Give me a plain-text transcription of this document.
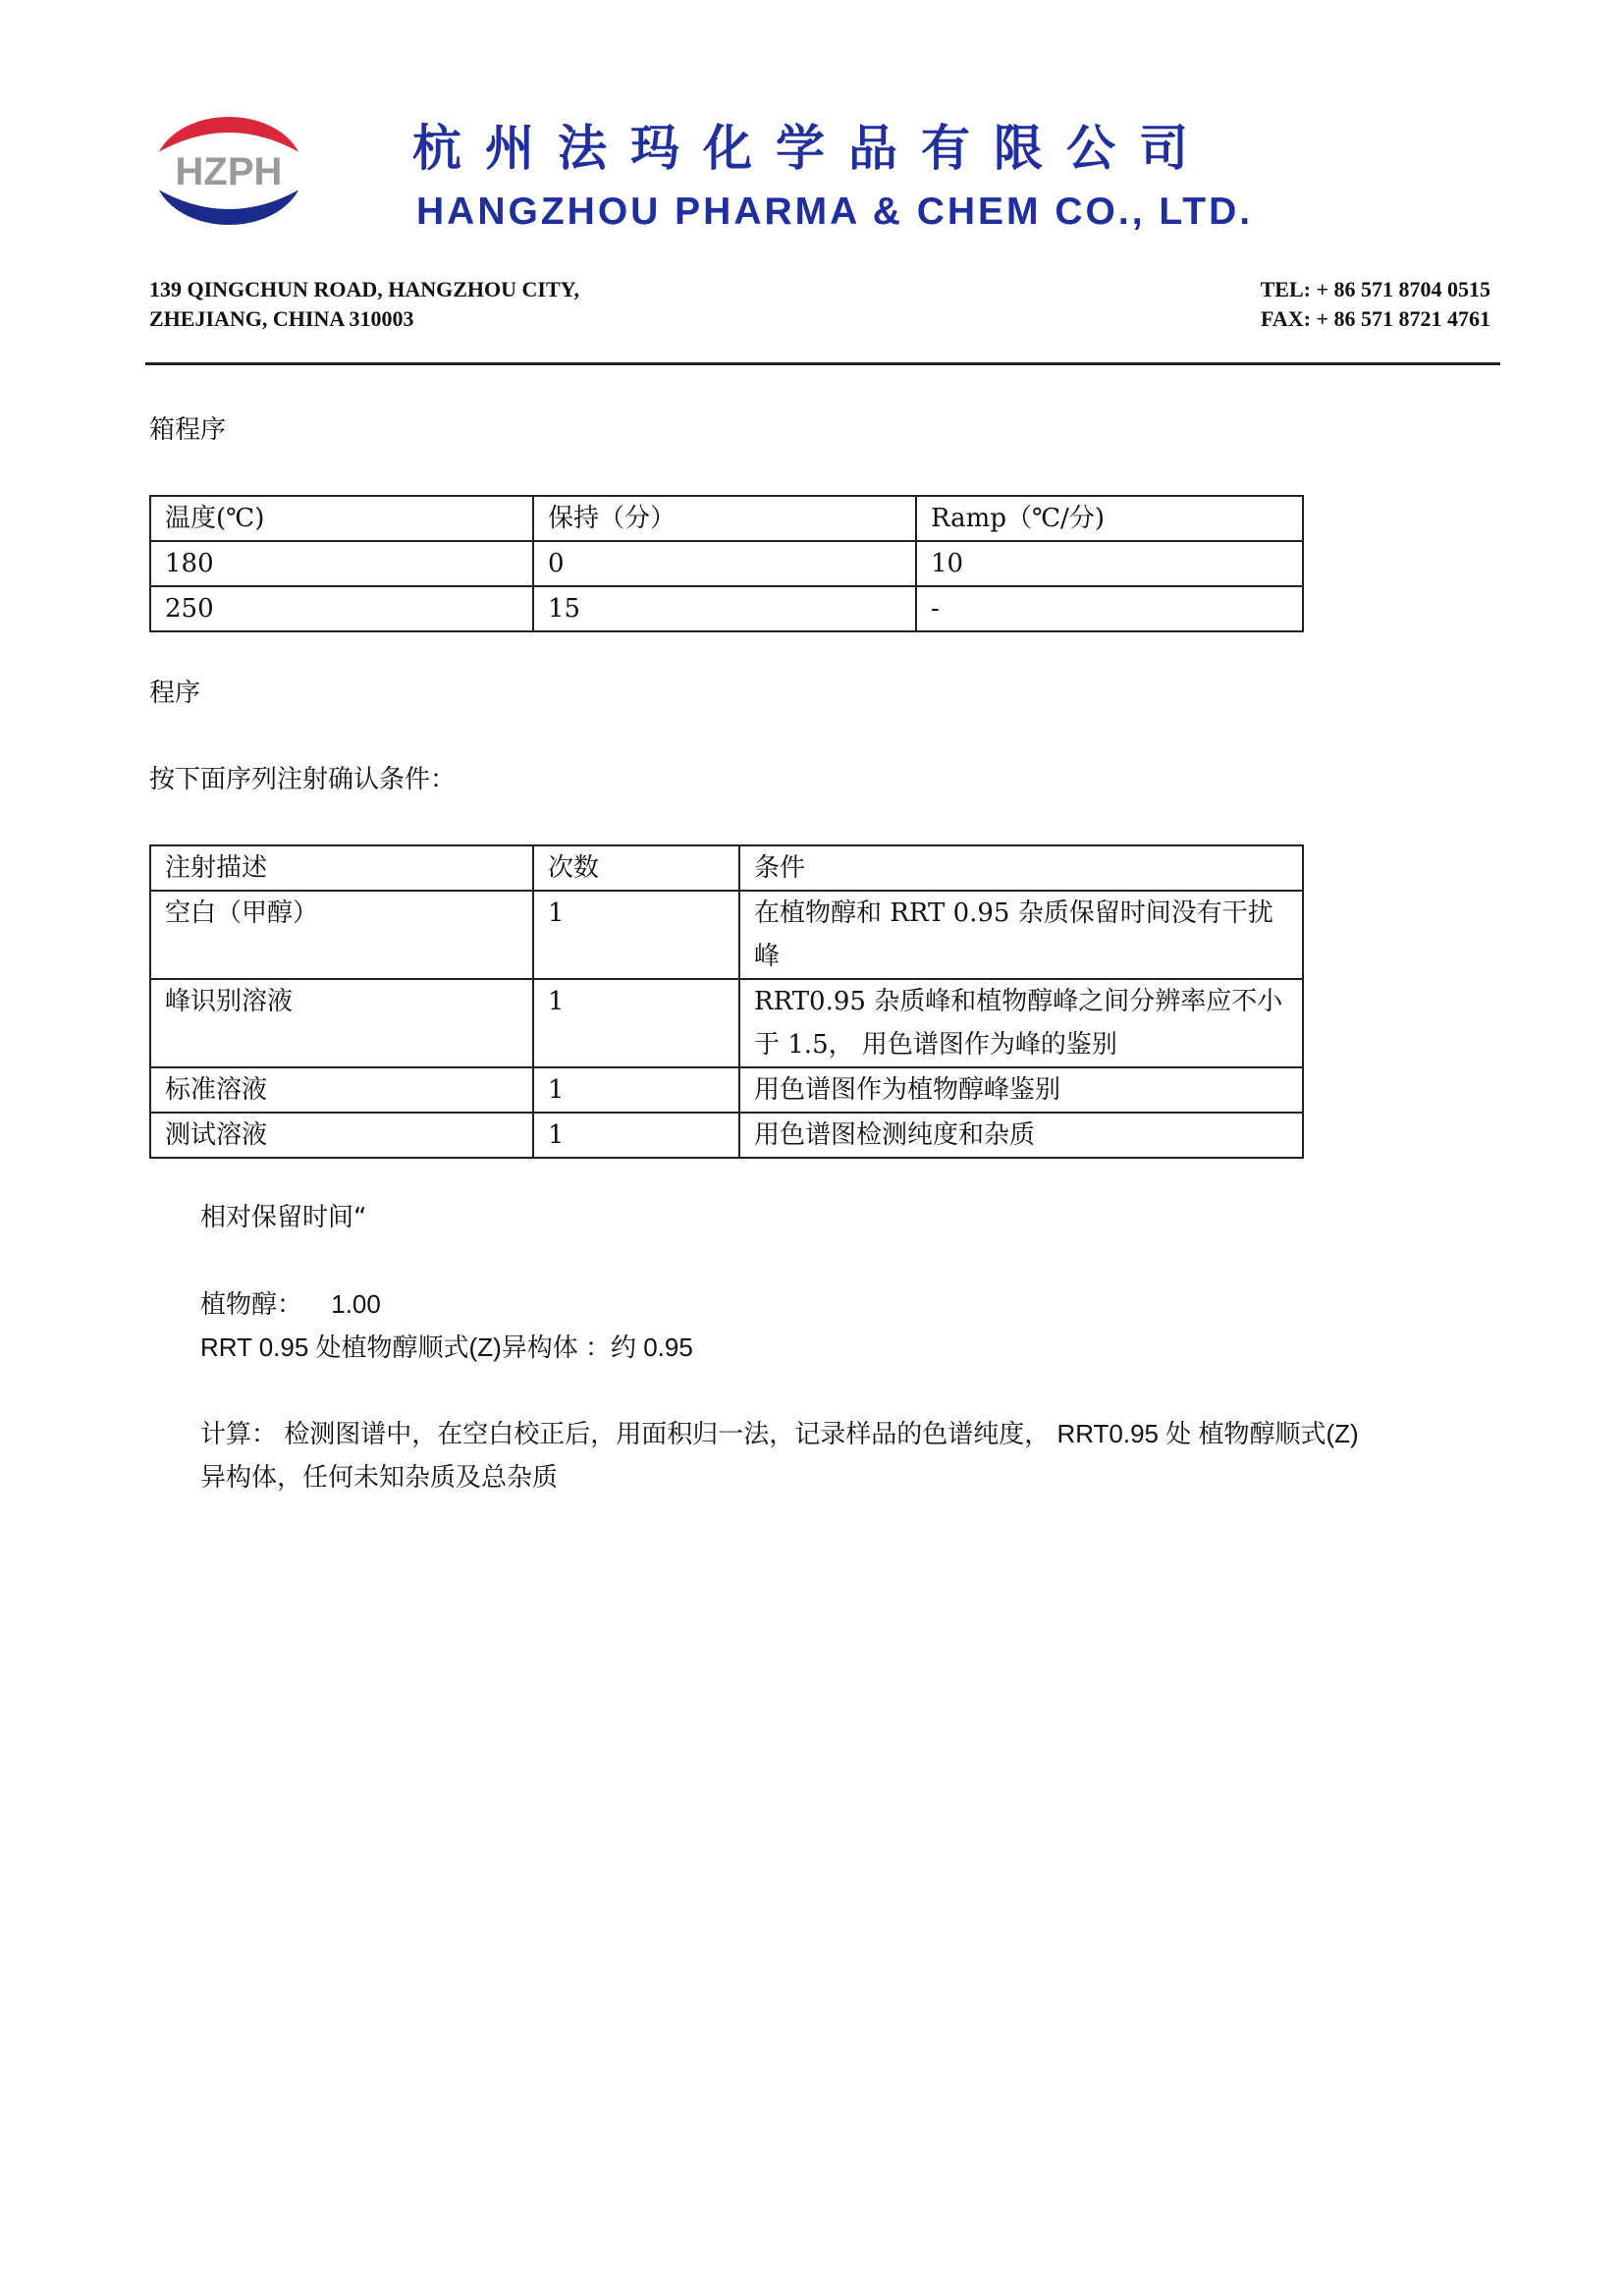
HZPH	杭州法玛化学品有限公司
HANGZHOU PHARMA & CHEM CO., LTD.
139 QINGCHUN ROAD, HANGZHOU CITY,
ZHEJIANG, CHINA 310003
TEL: + 86 571 8704 0515
FAX: + 86 571 8721 4761
箱程序
温度(℃)	保持（分）	Ramp（℃/分)
180	0	10
250	15	-
程序
按下面序列注射确认条件：
注射描述	次数	条件
空白（甲醇）	1	在植物醇和 RRT 0.95 杂质保留时间没有干扰峰
峰识别溶液	1	RRT0.95 杂质峰和植物醇峰之间分辨率应不小于 1.5， 用色谱图作为峰的鉴别
标准溶液	1	用色谱图作为植物醇峰鉴别
测试溶液	1	用色谱图检测纯度和杂质
相对保留时间“
植物醇： 1.00
RRT 0.95 处植物醇顺式(Z)异构体 ：约 0.95
计算： 检测图谱中，在空白校正后，用面积归一法，记录样品的色谱纯度， RRT0.95 处 植物醇顺式(Z)
异构体，任何未知杂质及总杂质
